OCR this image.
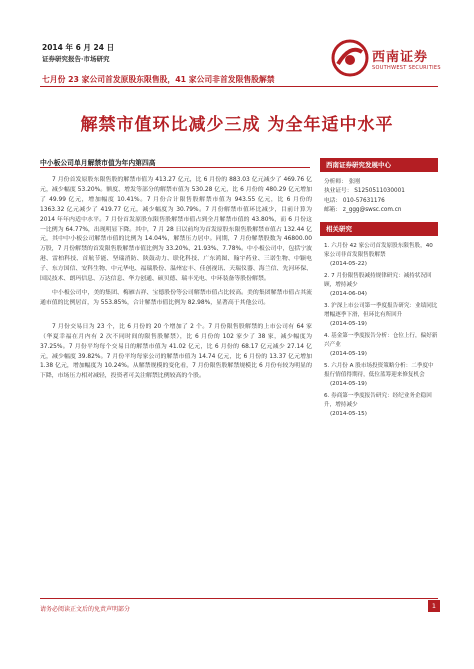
2014 年 6 月 24 日
证券研究报告·市场研究	西南证券
SOUTHWEST SECURITIES
七月份 23 家公司首发原股东限售股，41 家公司非首发限售股解禁
解禁市值环比减少三成 为全年适中水平
中小板公司单月解禁市值为年内第四高

7 月份首发原股东限售股的解禁市值为 413.27 亿元，比 6 月份的 883.03 亿元减少了 469.76 亿元，减少幅度 53.20%。额度、增发等部分的解禁市值为 530.28 亿元，比 6 月份的 480.29 亿元增加了 49.99 亿元，增加幅度 10.41%。7 月份合计限售股解禁市值为 943.55 亿元，比 6 月份的 1363.32 亿元减少了 419.77 亿元，减少幅度为 30.79%。7 月份解禁市值环比减少，目前计算为 2014 年年内适中水平。7 月份首发原股东限售股解禁市值占到全月解禁市值的 43.80%，而 6 月份这一比例为 64.77%，出现明显下降。其中，7 月 28 日以前均为首发原股东限售股解禁市值占 132.44 亿元，其中中小板公司解禁市值的比例为 14.04%，解禁压力居中。同期，7 月份解禁股数为 46800.00 万股，7 月份解禁的首发限售股解禁市值比例为 33.20%、21.93%、7.78%。中小板公司中，包括宁波港、雷柏科技、首航节能、坚瑞消防、陕鼓动力、联化科技、广东鸿图、翰宇药业、三诺生物、中颖电子、东方国信、安科生物、中元华电、福瑞股份、温州宏丰、佳创视讯、天瑞仪器、海兰信、先河环保、国民技术、朗玛信息、万达信息、华力创通、硕贝德、瑞丰光电、中环装备等股份解禁。

中小板公司中，美的集团、梅雁吉祥、宝德股份等公司解禁市值占比较高。美的集团解禁市值占其流通市值的比例居首，为 553.85%，合计解禁市值比例为 82.98%，显著高于其他公司。

7 月份交易日为 23 个，比 6 月份的 20 个增加了 2 个。7 月份限售股解禁的上市公司有 64 家（华夏幸福在月内有 2 次不同时间的限售股解禁），比 6 月份的 102 家少了 38 家，减少幅度为 37.25%。7 月份平均每个交易日的解禁市值为 41.02 亿元，比 6 月份的 68.17 亿元减少 27.14 亿元，减少幅度 39.82%。7 月份平均每家公司的解禁市值为 14.74 亿元，比 6 月份的 13.37 亿元增加 1.38 亿元，增加幅度为 10.24%。从解禁规模的变化看，7 月份限售股解禁规模比 6 月份有较为明显的下降，市场压力相对减轻，投资者可关注解禁比例较高的个股。

西南证券研究发展中心
分析师： 张刚
执业证号： S1250511030001
电话： 010-57631176
邮箱： z_ggg@swsc.com.cn
相关研究
1. 六月份 42 家公司首发原股东限售股，40 家公司非首发限售股解禁
(2014-05-22)
2. 7 月份限售股减持规律研究：减持状况回顾，增持减少
(2014-06-04)
3. 沪深上市公司第一季度报告研究：业绩同比增幅逐季下滑，但环比有所回升
(2014-05-19)
4. 基金第一季度报告分析：仓位上行，偏好新兴产业
(2014-05-19)
5. 六月份 A 股市场投资策略分析：二季度中报行情值得期待，低位蓝筹迎来修复机会
(2014-05-19)
6. 券商第一季度报告研究：经纪业务企稳回升，增持减少
(2014-05-15)
请务必阅读正文后的免责声明部分	1
